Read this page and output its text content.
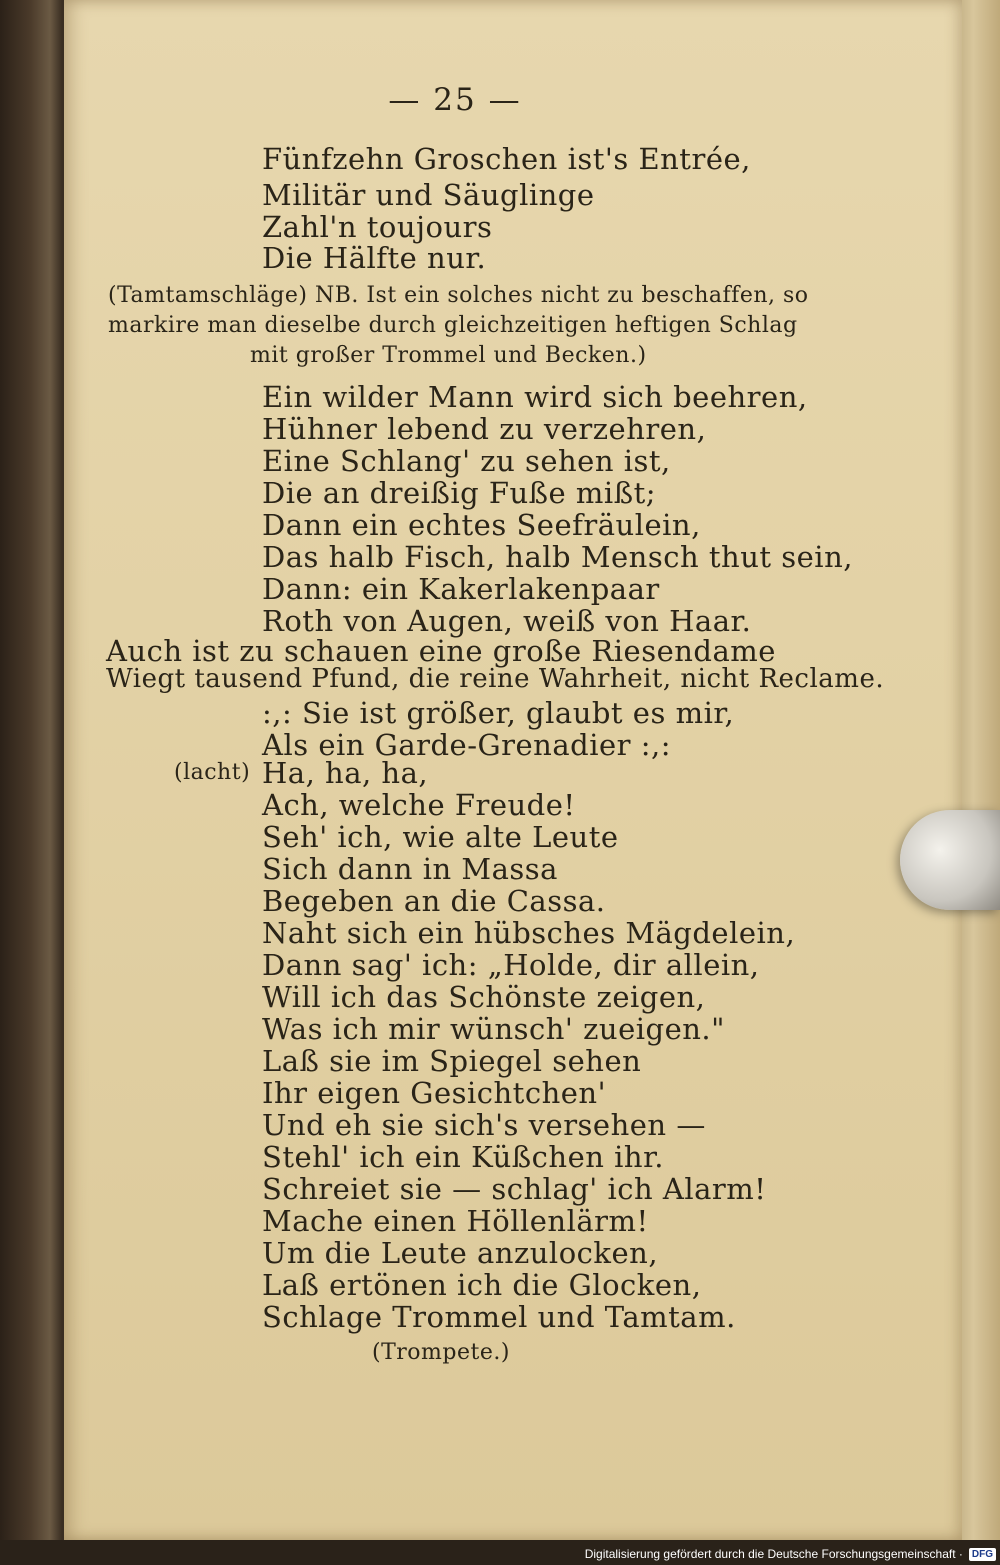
— 25 —
Fünfzehn Groschen ist's Entrée,
Militär und Säuglinge
Zahl'n toujours
Die Hälfte nur.
(Tamtamschläge) NB. Ist ein solches nicht zu beschaffen, so
markire man dieselbe durch gleichzeitigen heftigen Schlag
mit großer Trommel und Becken.)
Ein wilder Mann wird sich beehren,
Hühner lebend zu verzehren,
Eine Schlang' zu sehen ist,
Die an dreißig Fuße mißt;
Dann ein echtes Seefräulein,
Das halb Fisch, halb Mensch thut sein,
Dann: ein Kakerlakenpaar
Roth von Augen, weiß von Haar.
Auch ist zu schauen eine große Riesendame
Wiegt tausend Pfund, die reine Wahrheit, nicht Reclame.
:,: Sie ist größer, glaubt es mir,
Als ein Garde-Grenadier :,:
(lacht) Ha, ha, ha,
Ach, welche Freude!
Seh' ich, wie alte Leute
Sich dann in Massa
Begeben an die Cassa.
Naht sich ein hübsches Mägdelein,
Dann sag' ich: „Holde, dir allein,
Will ich das Schönste zeigen,
Was ich mir wünsch' zueigen."
Laß sie im Spiegel sehen
Ihr eigen Gesichtchen'
Und eh sie sich's versehen —
Stehl' ich ein Küßchen ihr.
Schreiet sie — schlag' ich Alarm!
Mache einen Höllenlärm!
Um die Leute anzulocken,
Laß ertönen ich die Glocken,
Schlage Trommel und Tamtam.
(Trompete.)
Digitalisierung gefördert durch die Deutsche Forschungsgemeinschaft · DFG
